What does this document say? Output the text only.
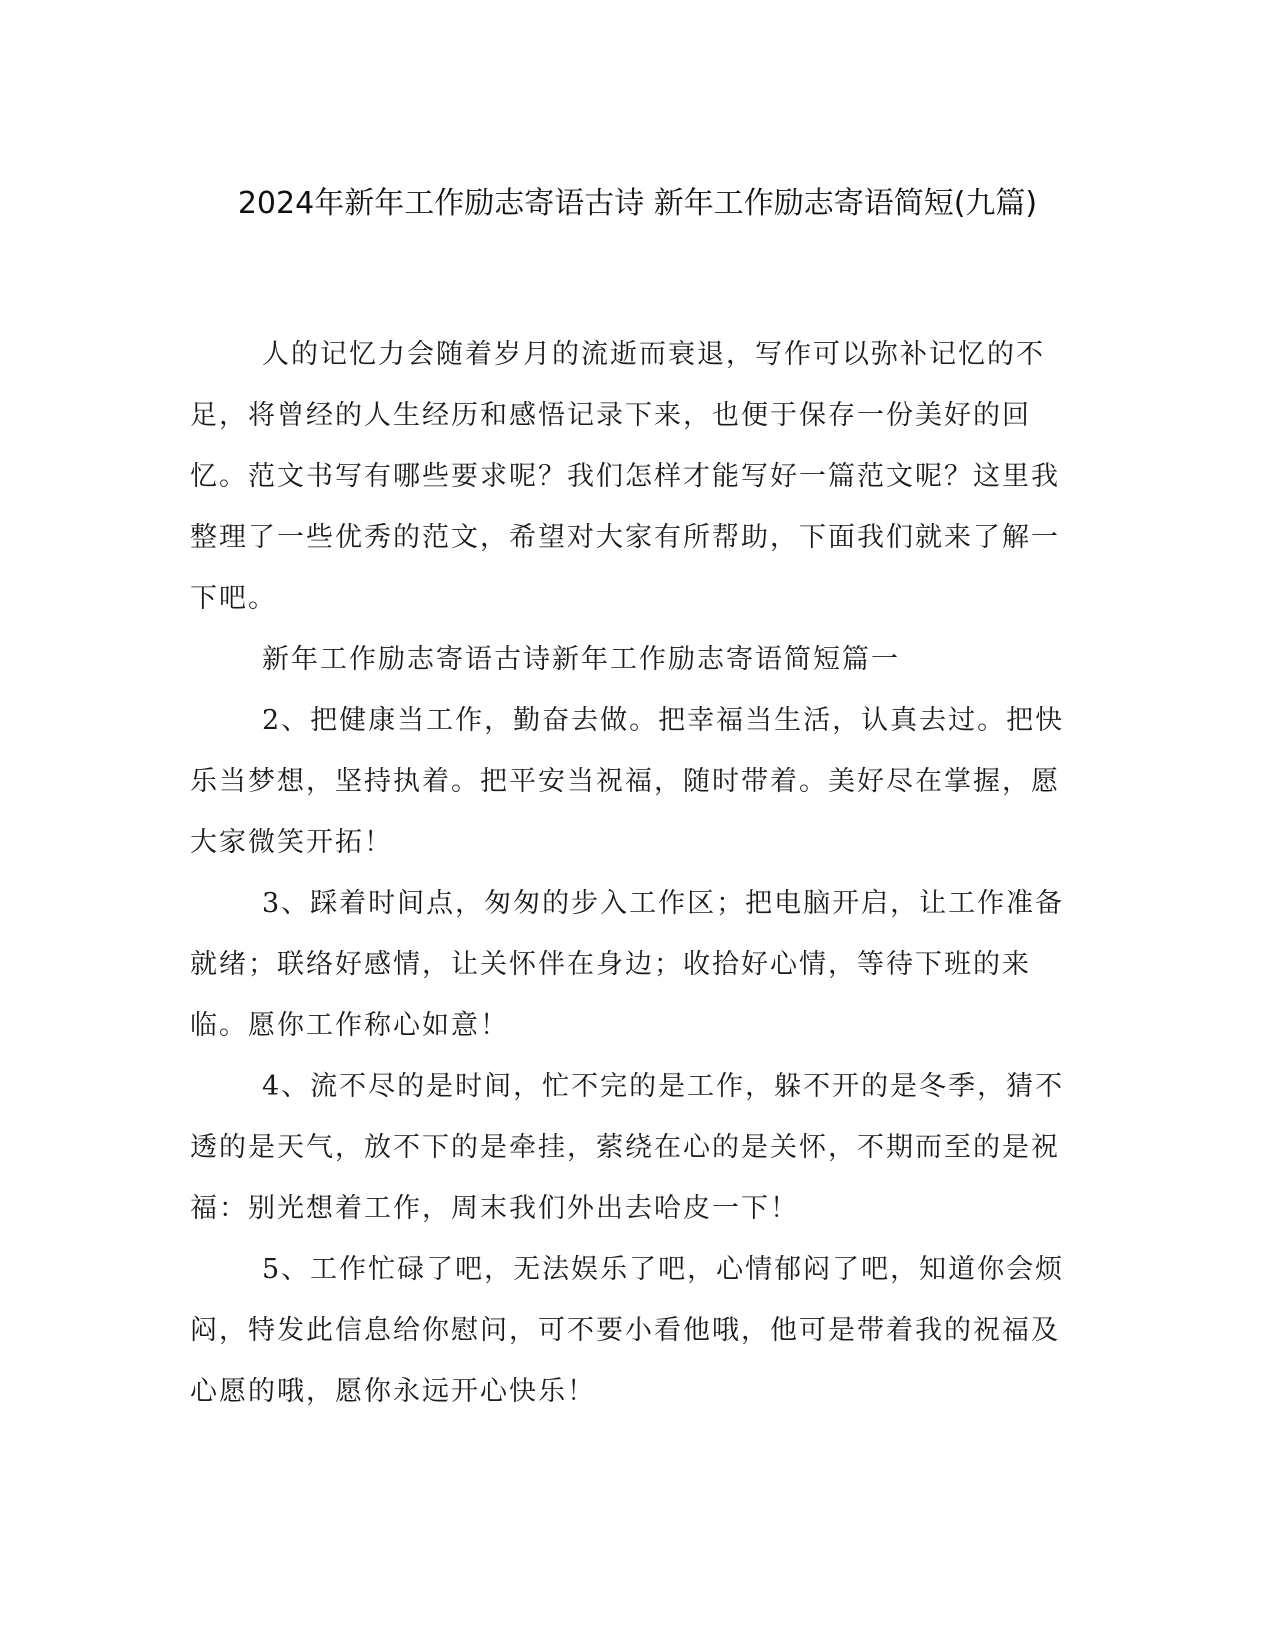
2024年新年工作励志寄语古诗 新年工作励志寄语简短(九篇)

人的记忆力会随着岁月的流逝而衰退，写作可以弥补记忆的不足，将曾经的人生经历和感悟记录下来，也便于保存一份美好的回忆。范文书写有哪些要求呢？我们怎样才能写好一篇范文呢？这里我整理了一些优秀的范文，希望对大家有所帮助，下面我们就来了解一下吧。

新年工作励志寄语古诗新年工作励志寄语简短篇一

2、把健康当工作，勤奋去做。把幸福当生活，认真去过。把快乐当梦想，坚持执着。把平安当祝福，随时带着。美好尽在掌握，愿大家微笑开拓！

3、踩着时间点，匆匆的步入工作区；把电脑开启，让工作准备就绪；联络好感情，让关怀伴在身边；收拾好心情，等待下班的来临。愿你工作称心如意！

4、流不尽的是时间，忙不完的是工作，躲不开的是冬季，猜不透的是天气，放不下的是牵挂，萦绕在心的是关怀，不期而至的是祝福：别光想着工作，周末我们外出去哈皮一下！

5、工作忙碌了吧，无法娱乐了吧，心情郁闷了吧，知道你会烦闷，特发此信息给你慰问，可不要小看他哦，他可是带着我的祝福及心愿的哦，愿你永远开心快乐！
